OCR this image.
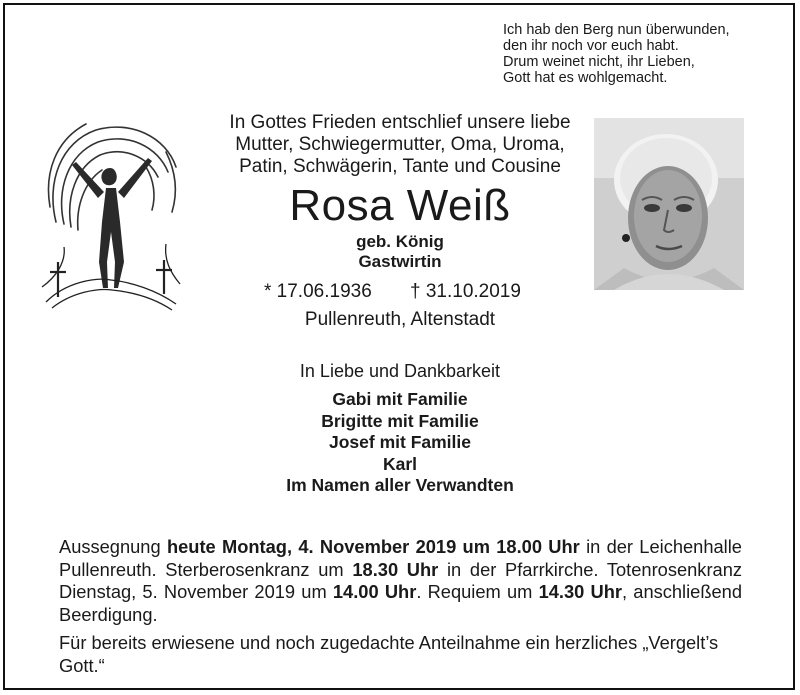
Ich hab den Berg nun überwunden,
den ihr noch vor euch habt.
Drum weinet nicht, ihr Lieben,
Gott hat es wohlgemacht.
In Gottes Frieden entschlief unsere liebe
Mutter, Schwiegermutter, Oma, Uroma,
Patin, Schwägerin, Tante und Cousine
Rosa Weiß
geb. König
Gastwirtin
* 17.06.1936 † 31.10.2019
Pullenreuth, Altenstadt
In Liebe und Dankbarkeit
Gabi mit Familie
Brigitte mit Familie
Josef mit Familie
Karl
Im Namen aller Verwandten
Aussegnung heute Montag, 4. November 2019 um 18.00 Uhr in der Leichenhalle Pullenreuth. Sterberosenkranz um 18.30 Uhr in der Pfarrkirche. Totenrosenkranz Dienstag, 5. November 2019 um 14.00 Uhr. Requiem um 14.30 Uhr, anschließend Beerdigung.
Für bereits erwiesene und noch zugedachte Anteilnahme ein herzliches „Vergelt’s Gott.“
